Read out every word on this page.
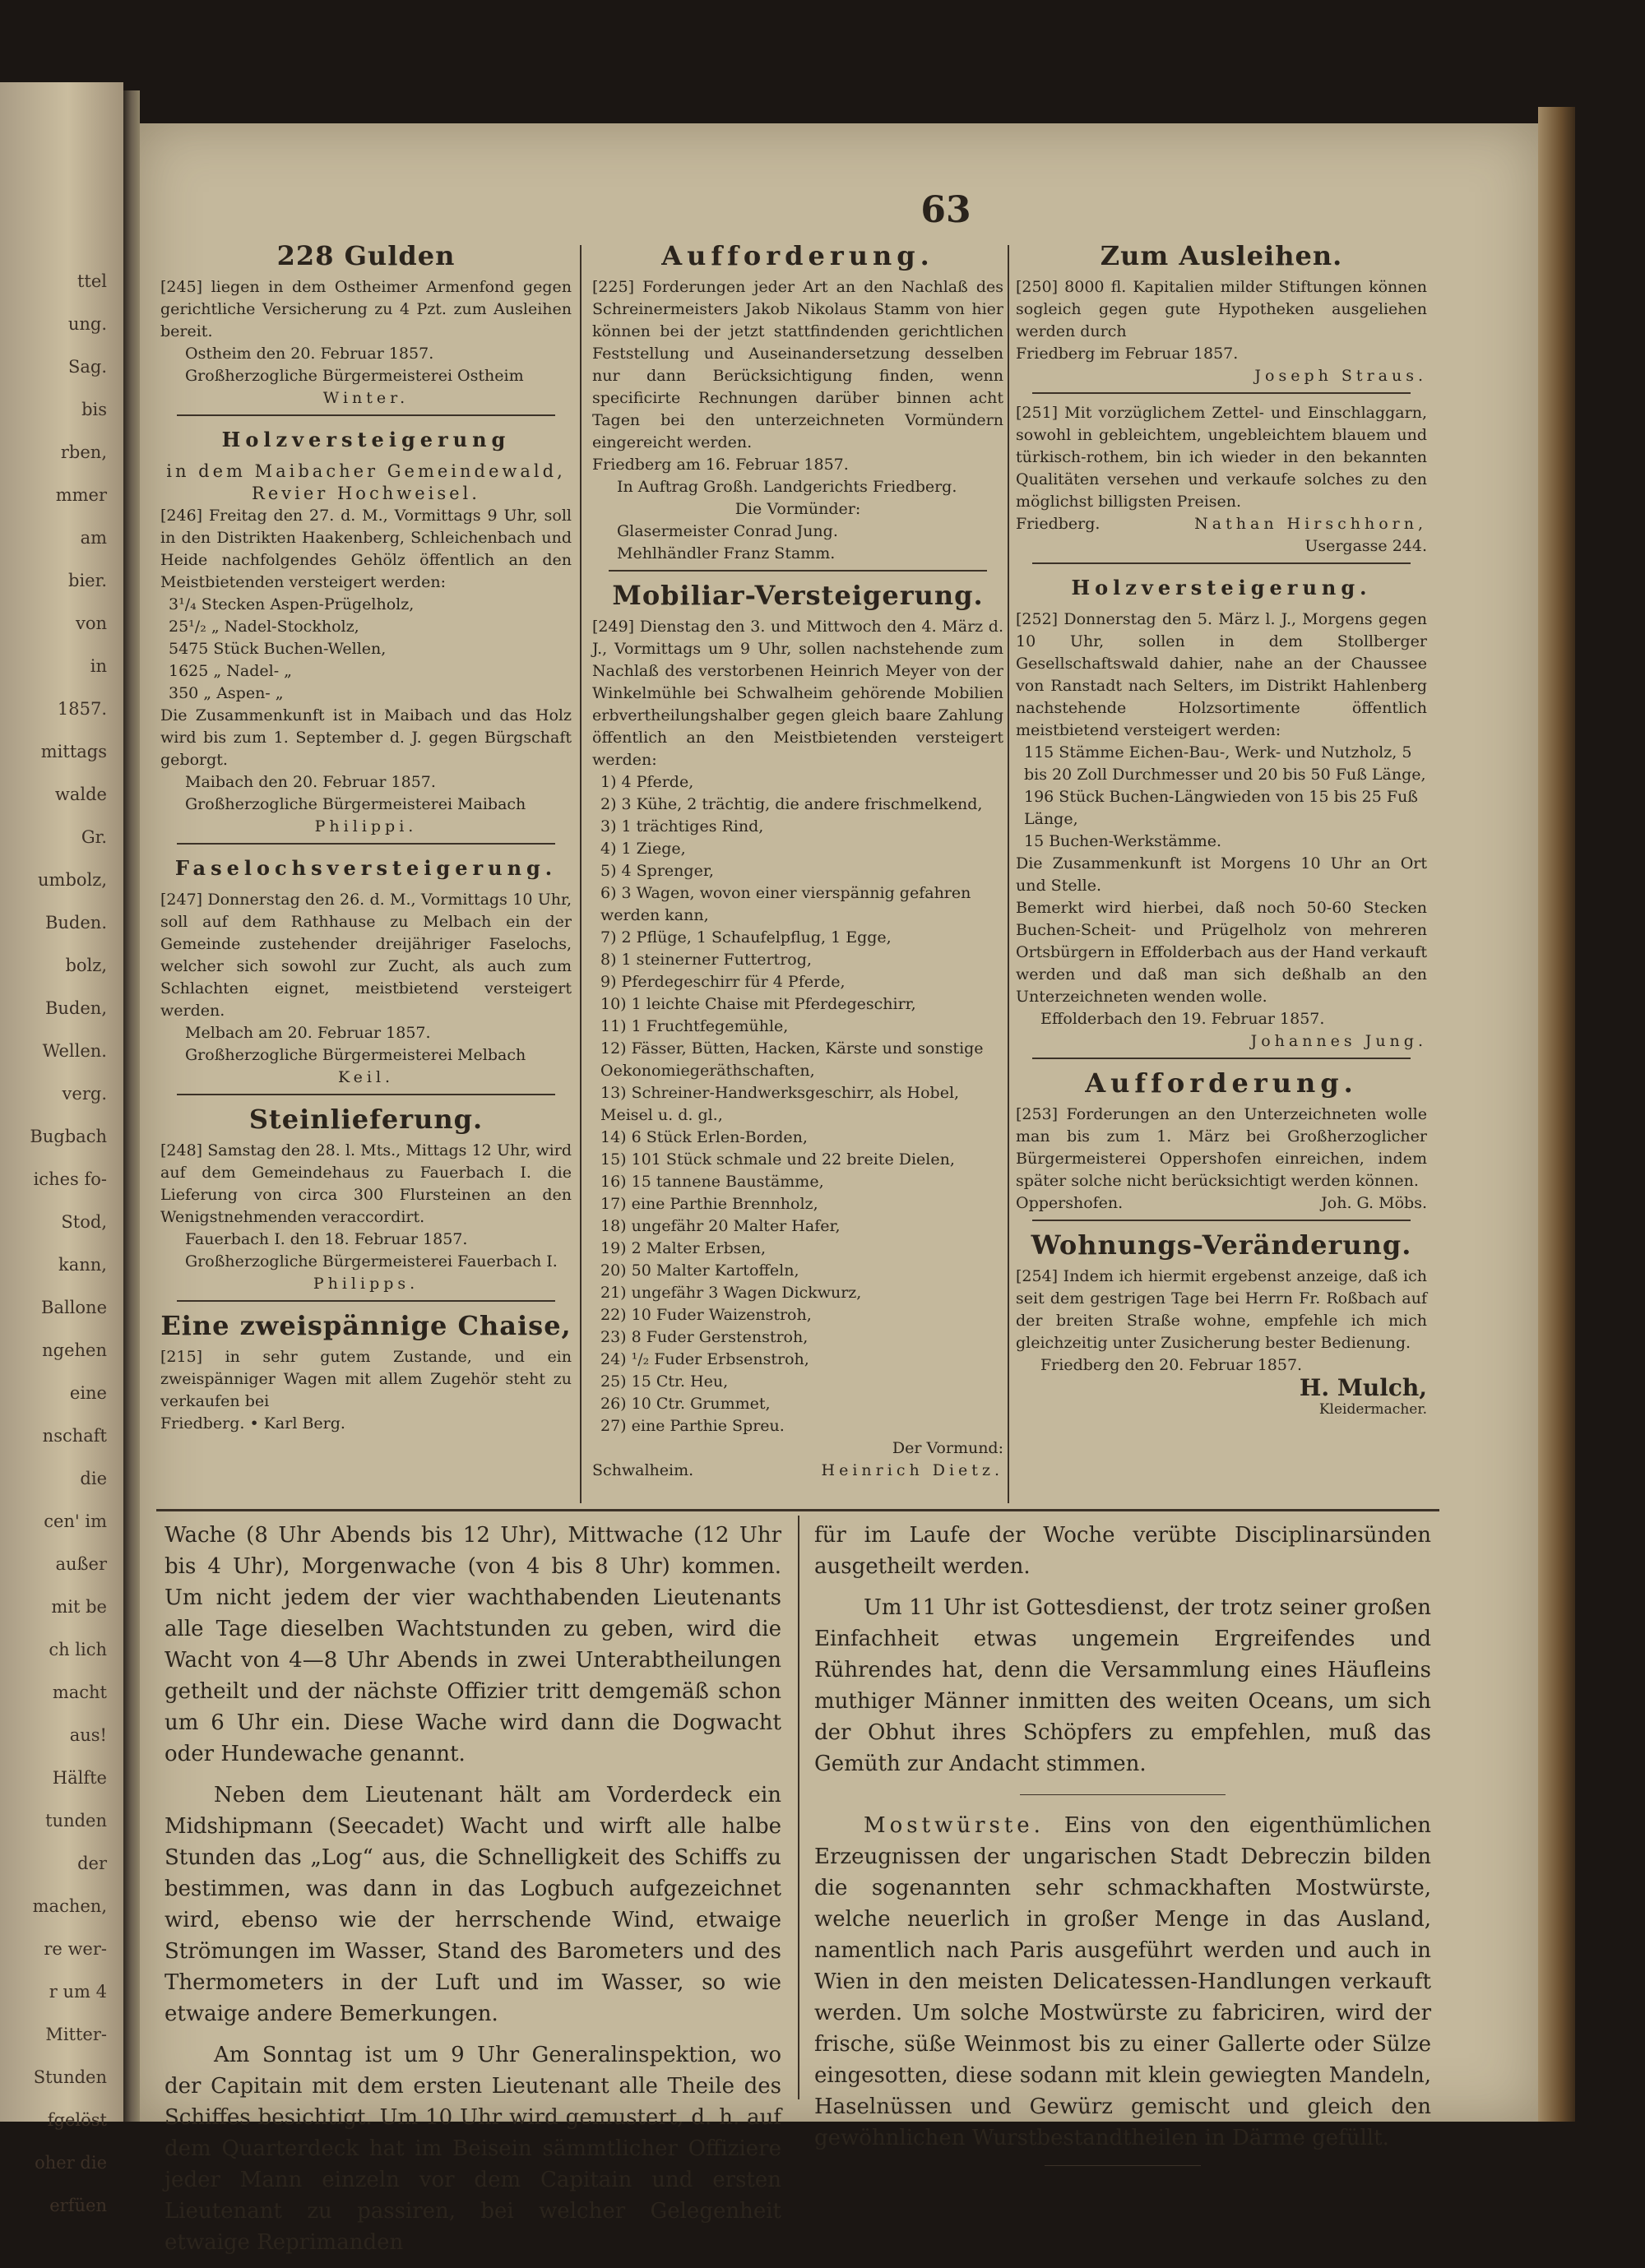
ttel
ung.
Sag.
bis
rben,
mmer
am
bier.
von
in
1857.
mittags
walde
Gr.
umbolz,
Buden.
bolz,
Buden,
Wellen.
verg.
Bugbach
iches fo-
Stod,
kann,
Ballone
ngehen
eine
nschaft
die
cen' im
außer
mit be
ch lich
macht
aus!
Hälfte
tunden
der
machen,
re wer-
r um 4
Mitter-
Stunden
fgelöst
oher die
erfüen
63
228 Gulden

[245] liegen in dem Ostheimer Armenfond gegen gerichtliche Versicherung zu 4 Pzt. zum Ausleihen bereit.

Ostheim den 20. Februar 1857.
Großherzogliche Bürgermeisterei Ostheim
Winter.
Holzversteigerung
in dem Maibacher Gemeindewald, Revier Hochweisel.

[246] Freitag den 27. d. M., Vormittags 9 Uhr, soll in den Distrikten Haakenberg, Schleichenbach und Heide nachfolgendes Gehölz öffentlich an den Meistbietenden versteigert werden:

3¹/₄ Stecken Aspen-Prügelholz,
25¹/₂ „ Nadel-Stockholz,
5475 Stück Buchen-Wellen,
1625 „ Nadel- „
350 „ Aspen- „

Die Zusammenkunft ist in Maibach und das Holz wird bis zum 1. September d. J. gegen Bürgschaft geborgt.

Maibach den 20. Februar 1857.
Großherzogliche Bürgermeisterei Maibach
Philippi.
Faselochsversteigerung.

[247] Donnerstag den 26. d. M., Vormittags 10 Uhr, soll auf dem Rathhause zu Melbach ein der Gemeinde zustehender dreijähriger Faselochs, welcher sich sowohl zur Zucht, als auch zum Schlachten eignet, meistbietend versteigert werden.

Melbach am 20. Februar 1857.
Großherzogliche Bürgermeisterei Melbach
Keil.
Steinlieferung.

[248] Samstag den 28. l. Mts., Mittags 12 Uhr, wird auf dem Gemeindehaus zu Fauerbach I. die Lieferung von circa 300 Flursteinen an den Wenigstnehmenden veraccordirt.

Fauerbach I. den 18. Februar 1857.
Großherzogliche Bürgermeisterei Fauerbach I.
Philipps.
Eine zweispännige Chaise,

[215] in sehr gutem Zustande, und ein zweispänniger Wagen mit allem Zugehör steht zu verkaufen bei

Friedberg. • Karl Berg.
Aufforderung.

[225] Forderungen jeder Art an den Nachlaß des Schreinermeisters Jakob Nikolaus Stamm von hier können bei der jetzt stattfindenden gerichtlichen Feststellung und Auseinandersetzung desselben nur dann Berücksichtigung finden, wenn specificirte Rechnungen darüber binnen acht Tagen bei den unterzeichneten Vormündern eingereicht werden.

Friedberg am 16. Februar 1857.
In Auftrag Großh. Landgerichts Friedberg.
Die Vormünder:
Glasermeister Conrad Jung.
Mehlhändler Franz Stamm.
Mobiliar-Versteigerung.

[249] Dienstag den 3. und Mittwoch den 4. März d. J., Vormittags um 9 Uhr, sollen nachstehende zum Nachlaß des verstorbenen Heinrich Meyer von der Winkelmühle bei Schwalheim gehörende Mobilien erbvertheilungshalber gegen gleich baare Zahlung öffentlich an den Meistbietenden versteigert werden:

1) 4 Pferde,
2) 3 Kühe, 2 trächtig, die andere frischmelkend,
3) 1 trächtiges Rind,
4) 1 Ziege,
5) 4 Sprenger,
6) 3 Wagen, wovon einer vierspännig gefahren werden kann,
7) 2 Pflüge, 1 Schaufelpflug, 1 Egge,
8) 1 steinerner Futtertrog,
9) Pferdegeschirr für 4 Pferde,
10) 1 leichte Chaise mit Pferdegeschirr,
11) 1 Fruchtfegemühle,
12) Fässer, Bütten, Hacken, Kärste und sonstige Oekonomiegeräthschaften,
13) Schreiner-Handwerksgeschirr, als Hobel, Meisel u. d. gl.,
14) 6 Stück Erlen-Borden,
15) 101 Stück schmale und 22 breite Dielen,
16) 15 tannene Baustämme,
17) eine Parthie Brennholz,
18) ungefähr 20 Malter Hafer,
19) 2 Malter Erbsen,
20) 50 Malter Kartoffeln,
21) ungefähr 3 Wagen Dickwurz,
22) 10 Fuder Waizenstroh,
23) 8 Fuder Gerstenstroh,
24) ¹/₂ Fuder Erbsenstroh,
25) 15 Ctr. Heu,
26) 10 Ctr. Grummet,
27) eine Parthie Spreu.
Der Vormund:
Schwalheim.	Heinrich Dietz.
Zum Ausleihen.

[250] 8000 fl. Kapitalien milder Stiftungen können sogleich gegen gute Hypotheken ausgeliehen werden durch

Friedberg im Februar 1857.
Joseph Straus.

[251] Mit vorzüglichem Zettel- und Einschlaggarn, sowohl in gebleichtem, ungebleichtem blauem und türkisch-rothem, bin ich wieder in den bekannten Qualitäten versehen und verkaufe solches zu den möglichst billigsten Preisen.

Friedberg.	Nathan Hirschhorn,
Usergasse 244.
Holzversteigerung.

[252] Donnerstag den 5. März l. J., Morgens gegen 10 Uhr, sollen in dem Stollberger Gesellschaftswald dahier, nahe an der Chaussee von Ranstadt nach Selters, im Distrikt Hahlenberg nachstehende Holzsortimente öffentlich meistbietend versteigert werden:

115 Stämme Eichen-Bau-, Werk- und Nutzholz, 5 bis 20 Zoll Durchmesser und 20 bis 50 Fuß Länge,
196 Stück Buchen-Längwieden von 15 bis 25 Fuß Länge,
15 Buchen-Werkstämme.

Die Zusammenkunft ist Morgens 10 Uhr an Ort und Stelle.

Bemerkt wird hierbei, daß noch 50-60 Stecken Buchen-Scheit- und Prügelholz von mehreren Ortsbürgern in Effolderbach aus der Hand verkauft werden und daß man sich deßhalb an den Unterzeichneten wenden wolle.

Effolderbach den 19. Februar 1857.
Johannes Jung.
Aufforderung.

[253] Forderungen an den Unterzeichneten wolle man bis zum 1. März bei Großherzoglicher Bürgermeisterei Oppershofen einreichen, indem später solche nicht berücksichtigt werden können.

Oppershofen.	Joh. G. Möbs.
Wohnungs-Veränderung.

[254] Indem ich hiermit ergebenst anzeige, daß ich seit dem gestrigen Tage bei Herrn Fr. Roßbach auf der breiten Straße wohne, empfehle ich mich gleichzeitig unter Zusicherung bester Bedienung.

Friedberg den 20. Februar 1857.
H. Mulch,
Kleidermacher.

Wache (8 Uhr Abends bis 12 Uhr), Mittwache (12 Uhr bis 4 Uhr), Morgenwache (von 4 bis 8 Uhr) kommen. Um nicht jedem der vier wachthabenden Lieutenants alle Tage dieselben Wachtstunden zu geben, wird die Wacht von 4—8 Uhr Abends in zwei Unterabtheilungen getheilt und der nächste Offizier tritt demgemäß schon um 6 Uhr ein. Diese Wache wird dann die Dogwacht oder Hundewache genannt.

Neben dem Lieutenant hält am Vorderdeck ein Midshipmann (Seecadet) Wacht und wirft alle halbe Stunden das „Log“ aus, die Schnelligkeit des Schiffs zu bestimmen, was dann in das Logbuch aufgezeichnet wird, ebenso wie der herrschende Wind, etwaige Strömungen im Wasser, Stand des Barometers und des Thermometers in der Luft und im Wasser, so wie etwaige andere Bemerkungen.

Am Sonntag ist um 9 Uhr Generalinspektion, wo der Capitain mit dem ersten Lieutenant alle Theile des Schiffes besichtigt. Um 10 Uhr wird gemustert, d. h. auf dem Quarterdeck hat im Beisein sämmtlicher Offiziere jeder Mann einzeln vor dem Capitain und ersten Lieutenant zu passiren, bei welcher Gelegenheit etwaige Reprimanden

für im Laufe der Woche verübte Disciplinarsünden ausgetheilt werden.

Um 11 Uhr ist Gottesdienst, der trotz seiner großen Einfachheit etwas ungemein Ergreifendes und Rührendes hat, denn die Versammlung eines Häufleins muthiger Männer inmitten des weiten Oceans, um sich der Obhut ihres Schöpfers zu empfehlen, muß das Gemüth zur Andacht stimmen.

Mostwürste. Eins von den eigenthümlichen Erzeugnissen der ungarischen Stadt Debreczin bilden die sogenannten sehr schmackhaften Mostwürste, welche neuerlich in großer Menge in das Ausland, namentlich nach Paris ausgeführt werden und auch in Wien in den meisten Delicatessen-Handlungen verkauft werden. Um solche Mostwürste zu fabriciren, wird der frische, süße Weinmost bis zu einer Gallerte oder Sülze eingesotten, diese sodann mit klein gewiegten Mandeln, Haselnüssen und Gewürz gemischt und gleich den gewöhnlichen Wurstbestandtheilen in Därme gefüllt.
